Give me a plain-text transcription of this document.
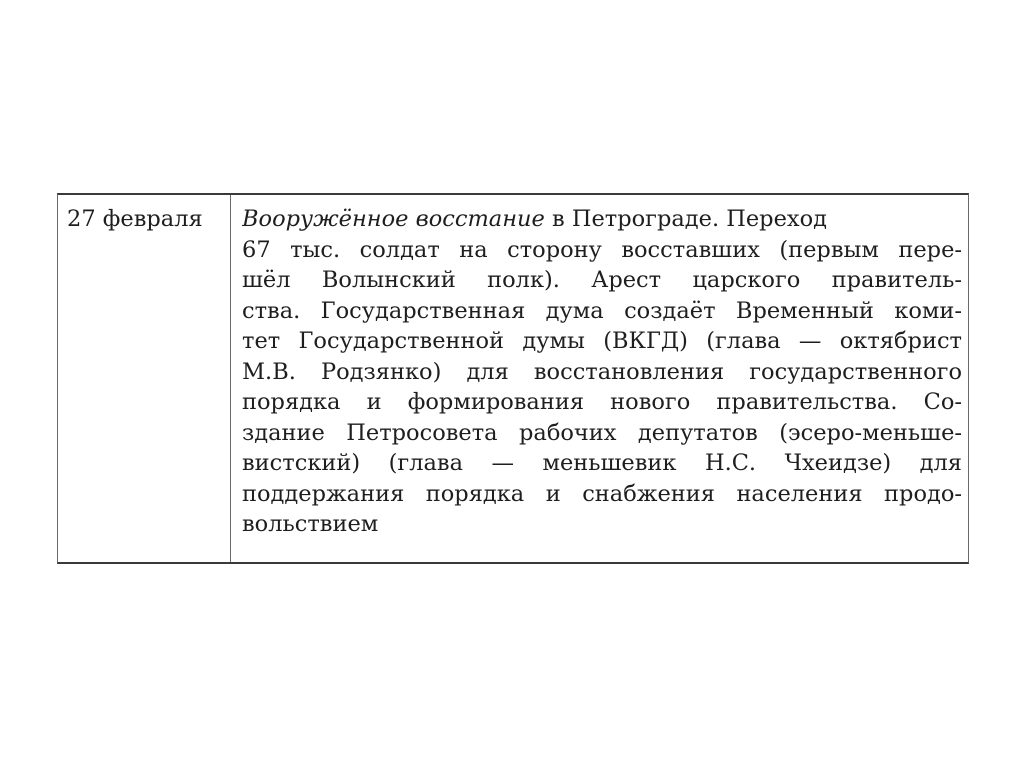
27 февраля	Вооружённое восстание в Петрограде. Переход
67 тыс. солдат на сторону восставших (первым пере-
шёл Волынский полк). Арест царского правитель-
ства. Государственная дума создаёт Временный коми-
тет Государственной думы (ВКГД) (глава — октябрист
М.В. Родзянко) для восстановления государственного
порядка и формирования нового правительства. Со-
здание Петросовета рабочих депутатов (эсеро-меньше-
вистский) (глава — меньшевик Н.С. Чхеидзе) для
поддержания порядка и снабжения населения продо-
вольствием
